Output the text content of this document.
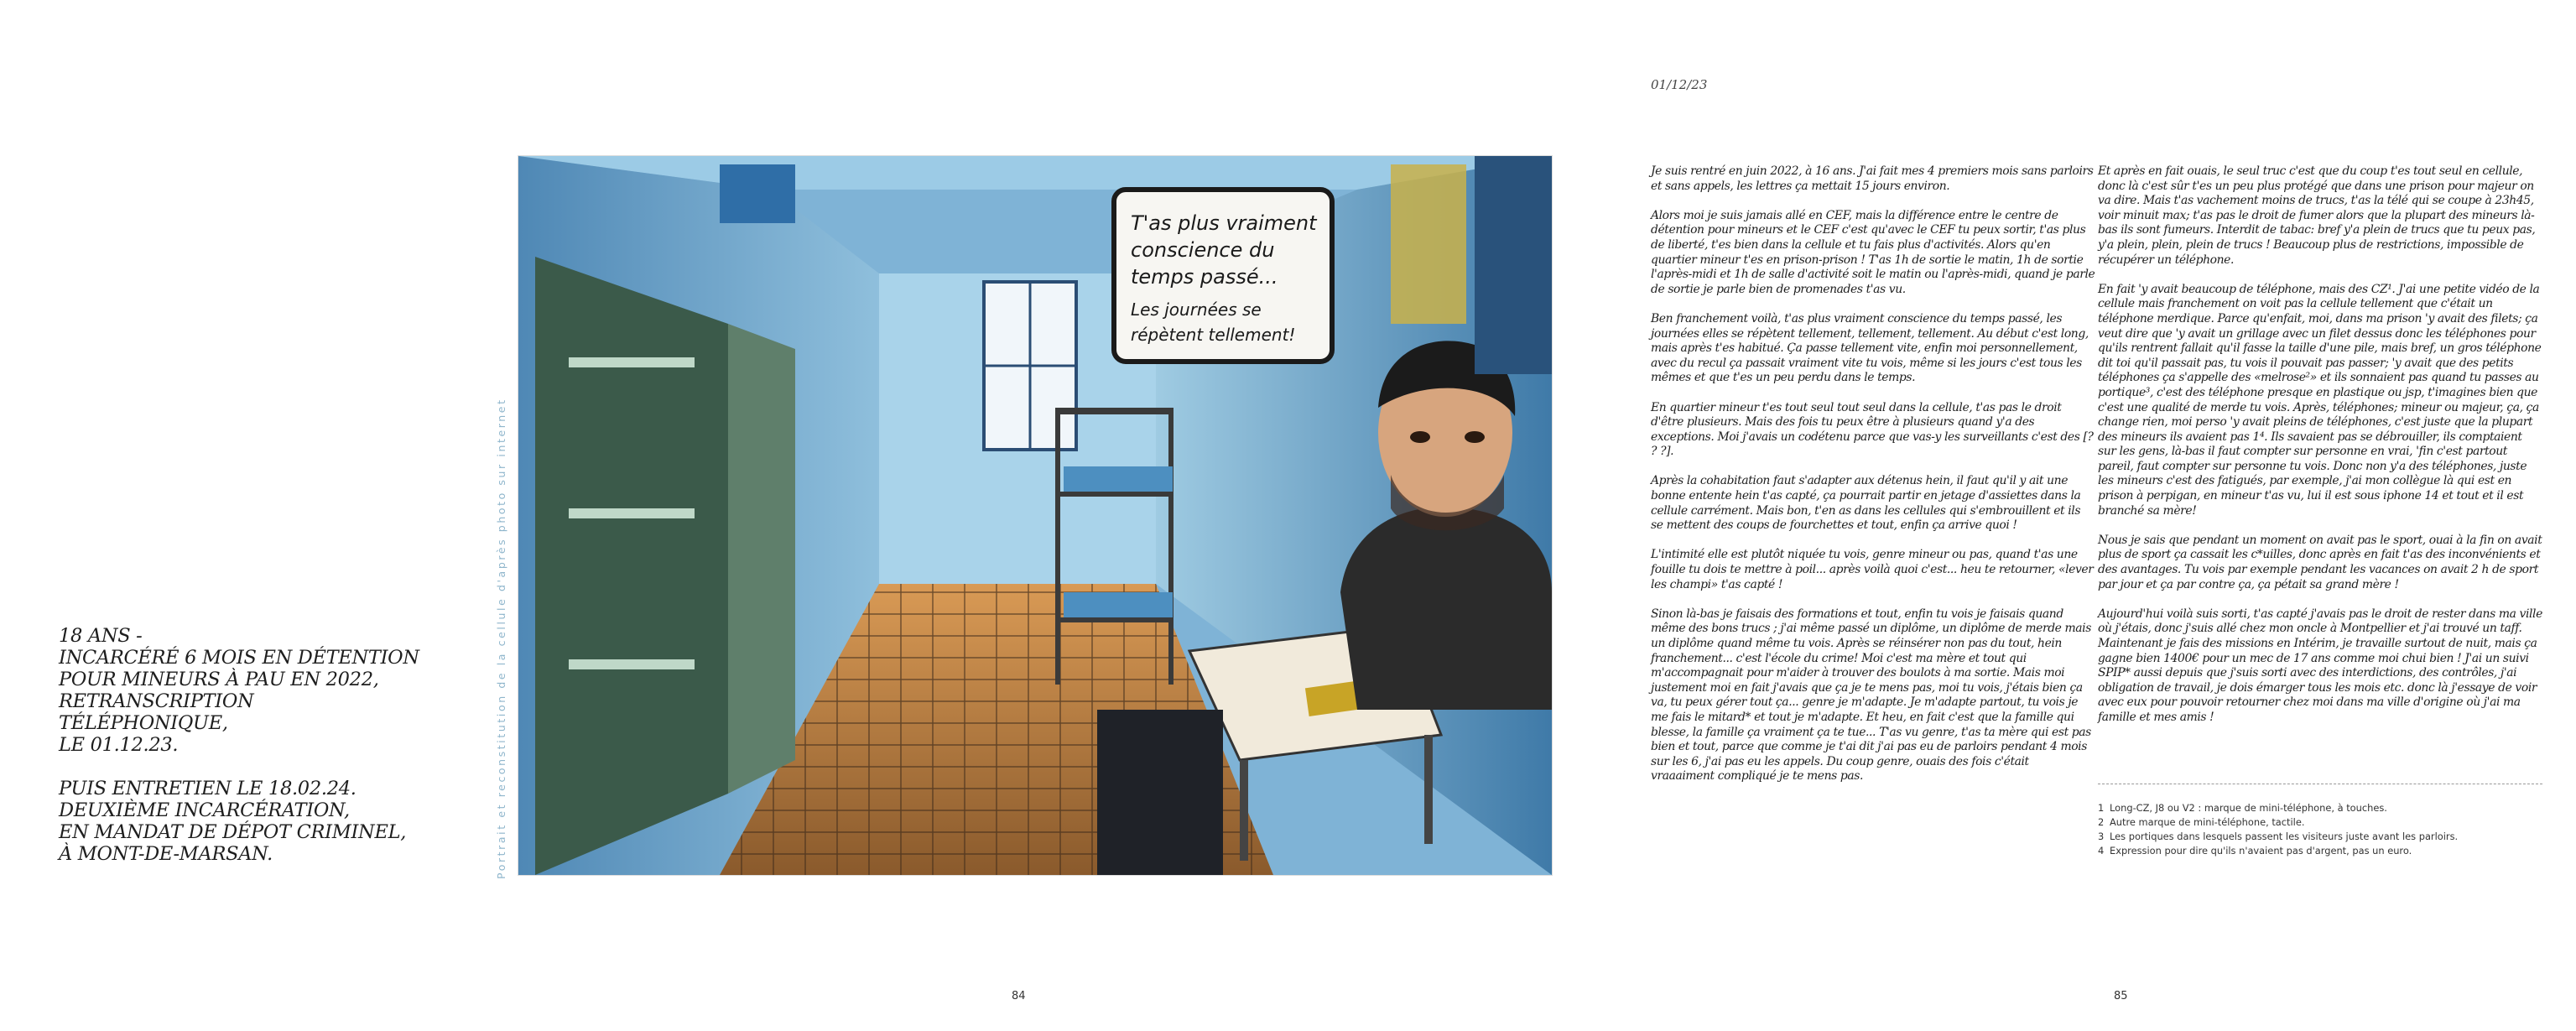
18 ANS -
INCARCÉRÉ 6 MOIS EN DÉTENTION
POUR MINEURS À PAU EN 2022,
RETRANSCRIPTION TÉLÉPHONIQUE,
LE 01.12.23.

PUIS ENTRETIEN LE 18.02.24.
DEUXIÈME INCARCÉRATION,
EN MANDAT DE DÉPOT CRIMINEL,
À MONT-DE-MARSAN.	Portrait et reconstitution de la cellule d'après photo sur internet
T'as plus vraiment conscience du temps passé... Les journées se répètent tellement!
84
01/12/23

Je suis rentré en juin 2022, à 16 ans. J'ai fait mes 4 premiers mois sans parloirs et sans appels, les lettres ça mettait 15 jours environ.

Alors moi je suis jamais allé en CEF, mais la différence entre le centre de détention pour mineurs et le CEF c'est qu'avec le CEF tu peux sortir, t'as plus de liberté, t'es bien dans la cellule et tu fais plus d'activités. Alors qu'en quartier mineur t'es en prison-prison ! T'as 1h de sortie le matin, 1h de sortie l'après-midi et 1h de salle d'activité soit le matin ou l'après-midi, quand je parle de sortie je parle bien de promenades t'as vu.

Ben franchement voilà, t'as plus vraiment conscience du temps passé, les journées elles se répètent tellement, tellement, tellement. Au début c'est long, mais après t'es habitué. Ça passe tellement vite, enfin moi personnellement, avec du recul ça passait vraiment vite tu vois, même si les jours c'est tous les mêmes et que t'es un peu perdu dans le temps.

En quartier mineur t'es tout seul tout seul dans la cellule, t'as pas le droit d'être plusieurs. Mais des fois tu peux être à plusieurs quand y'a des exceptions. Moi j'avais un codétenu parce que vas-y les surveillants c'est des [? ? ?].

Après la cohabitation faut s'adapter aux détenus hein, il faut qu'il y ait une bonne entente hein t'as capté, ça pourrait partir en jetage d'assiettes dans la cellule carrément. Mais bon, t'en as dans les cellules qui s'embrouillent et ils se mettent des coups de fourchettes et tout, enfin ça arrive quoi !

L'intimité elle est plutôt niquée tu vois, genre mineur ou pas, quand t'as une fouille tu dois te mettre à poil... après voilà quoi c'est... heu te retourner, «lever les champi» t'as capté !

Sinon là-bas je faisais des formations et tout, enfin tu vois je faisais quand même des bons trucs ; j'ai même passé un diplôme, un diplôme de merde mais un diplôme quand même tu vois. Après se réinsérer non pas du tout, hein franchement... c'est l'école du crime! Moi c'est ma mère et tout qui m'accompagnait pour m'aider à trouver des boulots à ma sortie. Mais moi justement moi en fait j'avais que ça je te mens pas, moi tu vois, j'étais bien ça va, tu peux gérer tout ça... genre je m'adapte. Je m'adapte partout, tu vois je me fais le mitard* et tout je m'adapte. Et heu, en fait c'est que la famille qui blesse, la famille ça vraiment ça te tue... T'as vu genre, t'as ta mère qui est pas bien et tout, parce que comme je t'ai dit j'ai pas eu de parloirs pendant 4 mois sur les 6, j'ai pas eu les appels. Du coup genre, ouais des fois c'était vraaaiment compliqué je te mens pas.

Et après en fait ouais, le seul truc c'est que du coup t'es tout seul en cellule, donc là c'est sûr t'es un peu plus protégé que dans une prison pour majeur on va dire. Mais t'as vachement moins de trucs, t'as la télé qui se coupe à 23h45, voir minuit max; t'as pas le droit de fumer alors que la plupart des mineurs là-bas ils sont fumeurs. Interdit de tabac: bref y'a plein de trucs que tu peux pas, y'a plein, plein, plein de trucs ! Beaucoup plus de restrictions, impossible de récupérer un téléphone.

En fait 'y avait beaucoup de téléphone, mais des CZ¹. J'ai une petite vidéo de la cellule mais franchement on voit pas la cellule tellement que c'était un téléphone merdique. Parce qu'enfait, moi, dans ma prison 'y avait des filets; ça veut dire que 'y avait un grillage avec un filet dessus donc les téléphones pour qu'ils rentrent fallait qu'il fasse la taille d'une pile, mais bref, un gros téléphone dit toi qu'il passait pas, tu vois il pouvait pas passer; 'y avait que des petits téléphones ça s'appelle des «melrose²» et ils sonnaient pas quand tu passes au portique³, c'est des téléphone presque en plastique ou jsp, t'imagines bien que c'est une qualité de merde tu vois. Après, téléphones; mineur ou majeur, ça, ça change rien, moi perso 'y avait pleins de téléphones, c'est juste que la plupart des mineurs ils avaient pas 1⁴. Ils savaient pas se débrouiller, ils comptaient sur les gens, là-bas il faut compter sur personne en vrai, 'fin c'est partout pareil, faut compter sur personne tu vois. Donc non y'a des téléphones, juste les mineurs c'est des fatigués, par exemple, j'ai mon collègue là qui est en prison à perpigan, en mineur t'as vu, lui il est sous iphone 14 et tout et il est branché sa mère!

Nous je sais que pendant un moment on avait pas le sport, ouai à la fin on avait plus de sport ça cassait les c*uilles, donc après en fait t'as des inconvénients et des avantages. Tu vois par exemple pendant les vacances on avait 2 h de sport par jour et ça par contre ça, ça pétait sa grand mère !

Aujourd'hui voilà suis sorti, t'as capté j'avais pas le droit de rester dans ma ville où j'étais, donc j'suis allé chez mon oncle à Montpellier et j'ai trouvé un taff. Maintenant je fais des missions en Intérim, je travaille surtout de nuit, mais ça gagne bien 1400€ pour un mec de 17 ans comme moi chui bien ! J'ai un suivi SPIP* aussi depuis que j'suis sorti avec des interdictions, des contrôles, j'ai obligation de travail, je dois émarger tous les mois etc. donc là j'essaye de voir avec eux pour pouvoir retourner chez moi dans ma ville d'origine où j'ai ma famille et mes amis !

1 Long-CZ, J8 ou V2 : marque de mini-téléphone, à touches.
2 Autre marque de mini-téléphone, tactile.
3 Les portiques dans lesquels passent les visiteurs juste avant les parloirs.
4 Expression pour dire qu'ils n'avaient pas d'argent, pas un euro.
85
